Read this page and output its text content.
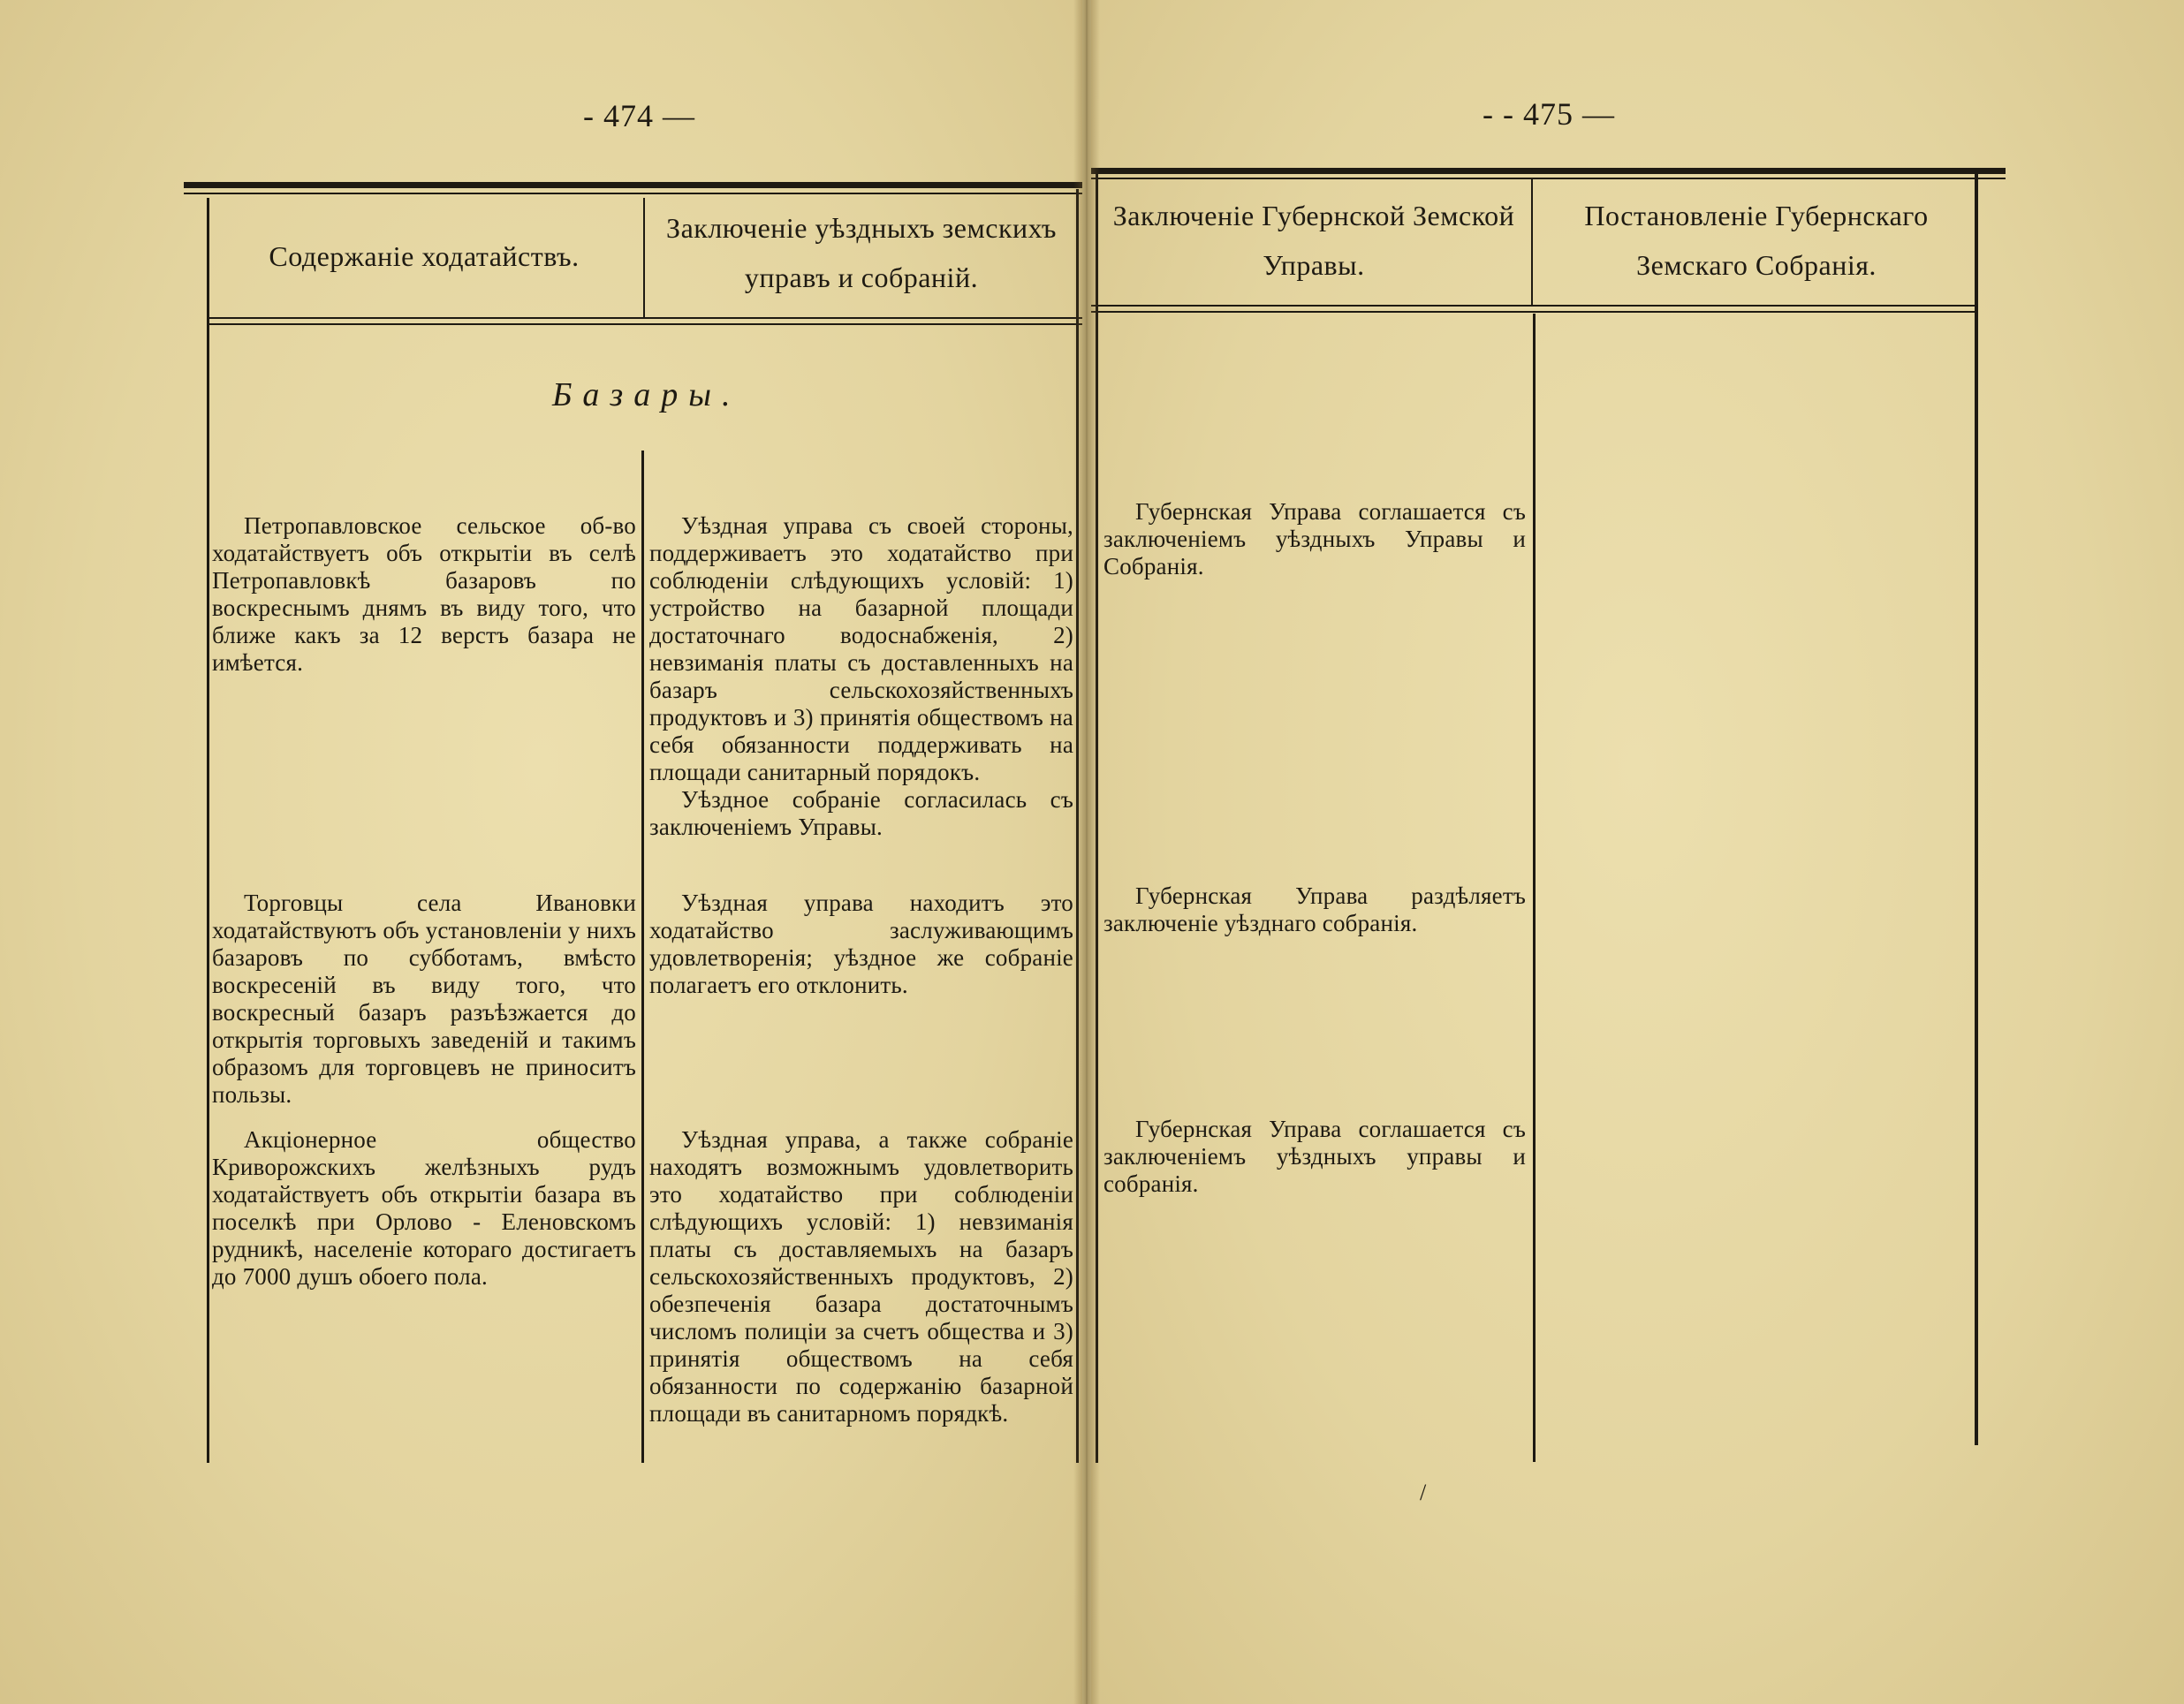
- 474 —
Содержаніе ходатайствъ.
Заключеніе уѣздныхъ земскихъ управъ и собраній.
Базары.

Петропавловское сельское об-во ходатайствуетъ объ открытіи въ селѣ Петропавловкѣ базаровъ по воскреснымъ днямъ въ виду того, что ближе какъ за 12 верстъ базара не имѣется.

Уѣздная управа съ своей стороны, поддерживаетъ это ходатайство при соблюденіи слѣдующихъ условій: 1) устройство на базарной площади достаточнаго водоснабженія, 2) невзиманія платы съ доставленныхъ на базаръ сельскохозяйственныхъ продуктовъ и 3) принятія обществомъ на себя обязанности поддерживать на площади санитарный порядокъ.

Уѣздное собраніе согласилась съ заключеніемъ Управы.

Торговцы села Ивановки ходатайствуютъ объ установленіи у нихъ базаровъ по субботамъ, вмѣсто воскресеній въ виду того, что воскресный базаръ разъѣзжается до открытія торговыхъ заведеній и такимъ образомъ для торговцевъ не приноситъ пользы.

Уѣздная управа находитъ это ходатайство заслуживающимъ удовлетворенія; уѣздное же собраніе полагаетъ его отклонить.

Акціонерное общество Криворожскихъ желѣзныхъ рудъ ходатайствуетъ объ открытіи базара въ поселкѣ при Орлово - Еленовскомъ рудникѣ, населеніе котораго достигаетъ до 7000 душъ обоего пола.

Уѣздная управа, а также собраніе находятъ возможнымъ удовлетворить это ходатайство при соблюденіи слѣдующихъ условій: 1) невзиманія платы съ доставляемыхъ на базаръ сельскохозяйственныхъ продуктовъ, 2) обезпеченія базара достаточнымъ числомъ полиціи за счетъ общества и 3) принятія обществомъ на себя обязанности по содержанію базарной площади въ санитарномъ порядкѣ.

- - 475 —
Заключеніе Губернской Земской Управы.
Постановленіе Губернскаго Земскаго Собранія.

Губернская Управа соглашается съ заключеніемъ уѣздныхъ Управы и Собранія.

Губернская Управа раздѣляетъ заключеніе уѣзднаго собранія.

Губернская Управа соглашается съ заключеніемъ уѣздныхъ управы и собранія.

/
